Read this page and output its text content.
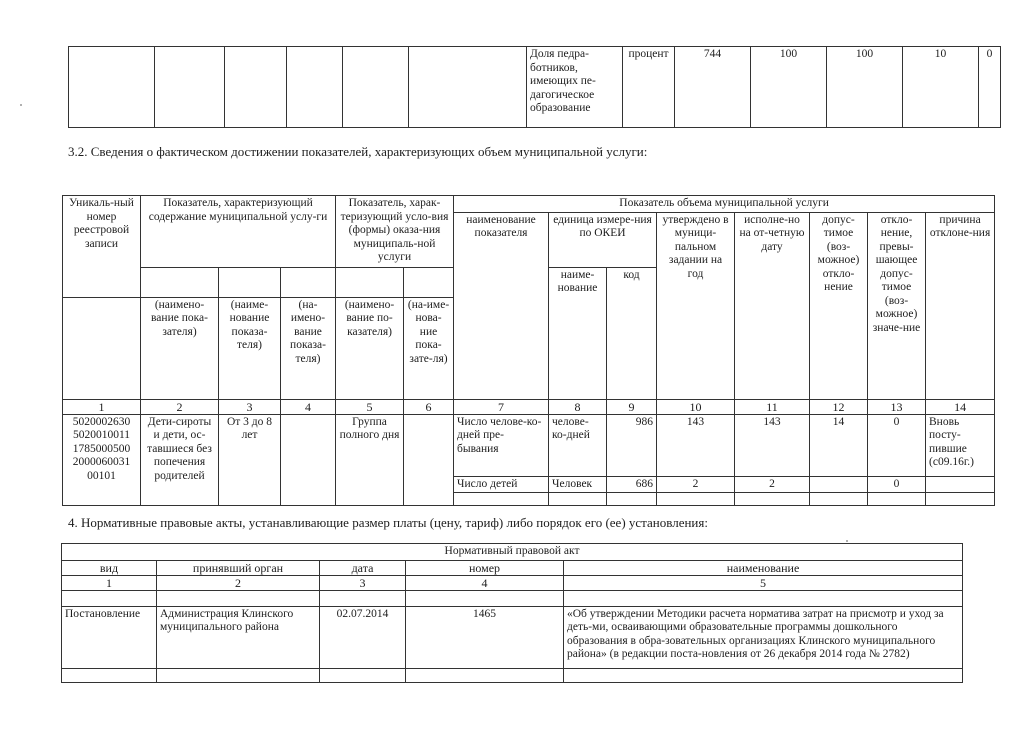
						Доля педра-ботников, имеющих пе-дагогическое образование	процент	744	100	100	10	0
3.2. Сведения о фактическом достижении показателей, характеризующих объем муниципальной услуги:
Уникаль-ный номер реестровой записи	Показатель, характеризующий содержание муниципальной услу-ги			Показатель, харак-теризующий усло-вия (формы) оказа-ния муниципаль-ной услуги		Показатель объема муниципальной услуги							
						наименование показателя	единица измере-ния по ОКЕИ		утверждено в муници-пальном задании на год	исполне-но на от-четную дату	допус-тимое (воз-можное) откло-нение	откло-нение, превы-шающее допус-тимое (воз-можное) значе-ние	причина отклоне-ния
							наиме-нование	код					
	(наимено-вание пока-зателя)	(наиме-нование показа-теля)	(на-имено-вание показа-теля)	(наимено-вание по-казателя)	(на-име-нова-ние пока-зате-ля)								
1	2	3	4	5	6	7	8	9	10	11	12	13	14
5020002630 5020010011 1785000500 2000060031 00101	Дети-сироты и дети, ос-тавшиеся без попечения родителей	От 3 до 8 лет		Группа полного дня		Число челове-ко-дней пре-бывания	челове-ко-дней	986	143	143	14	0	Вновь посту-пившие (с09.16г.)
						Число детей	Человек	686	2	2		0	

4. Нормативные правовые акты, устанавливающие размер платы (цену, тариф) либо порядок его (ее) установления:
Нормативный правовой акт				
вид	принявший орган	дата	номер	наименование
1	2	3	4	5

Постановление	Администрация Клинского муниципального района	02.07.2014	1465	«Об утверждении Методики расчета норматива затрат на присмотр и уход за деть-ми, осваивающими образовательные программы дошкольного образования в обра-зовательных организациях Клинского муниципального района» (в редакции поста-новления от 26 декабря 2014 года № 2782)
